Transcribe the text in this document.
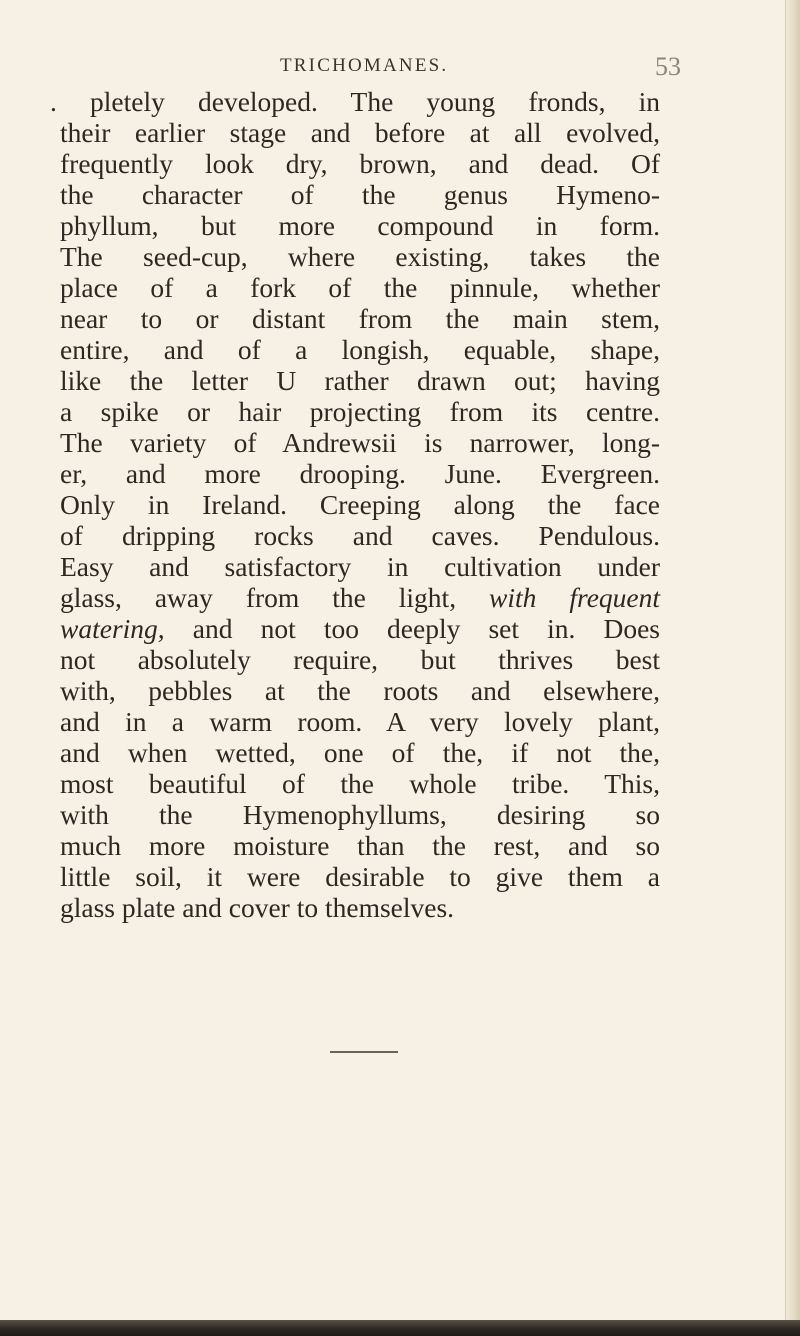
TRICHOMANES.	53
. pletely developed. The young fronds, in
their earlier stage and before at all evolved,
frequently look dry, brown, and dead. Of
the character of the genus Hymeno-
phyllum, but more compound in form.
The seed-cup, where existing, takes the
place of a fork of the pinnule, whether
near to or distant from the main stem,
entire, and of a longish, equable, shape,
like the letter U rather drawn out; having
a spike or hair projecting from its centre.
The variety of Andrewsii is narrower, long-
er, and more drooping. June. Evergreen.
Only in Ireland. Creeping along the face
of dripping rocks and caves. Pendulous.
Easy and satisfactory in cultivation under
glass, away from the light, with frequent
watering, and not too deeply set in. Does
not absolutely require, but thrives best
with, pebbles at the roots and elsewhere,
and in a warm room. A very lovely plant,
and when wetted, one of the, if not the,
most beautiful of the whole tribe. This,
with the Hymenophyllums, desiring so
much more moisture than the rest, and so
little soil, it were desirable to give them a
glass plate and cover to themselves.
